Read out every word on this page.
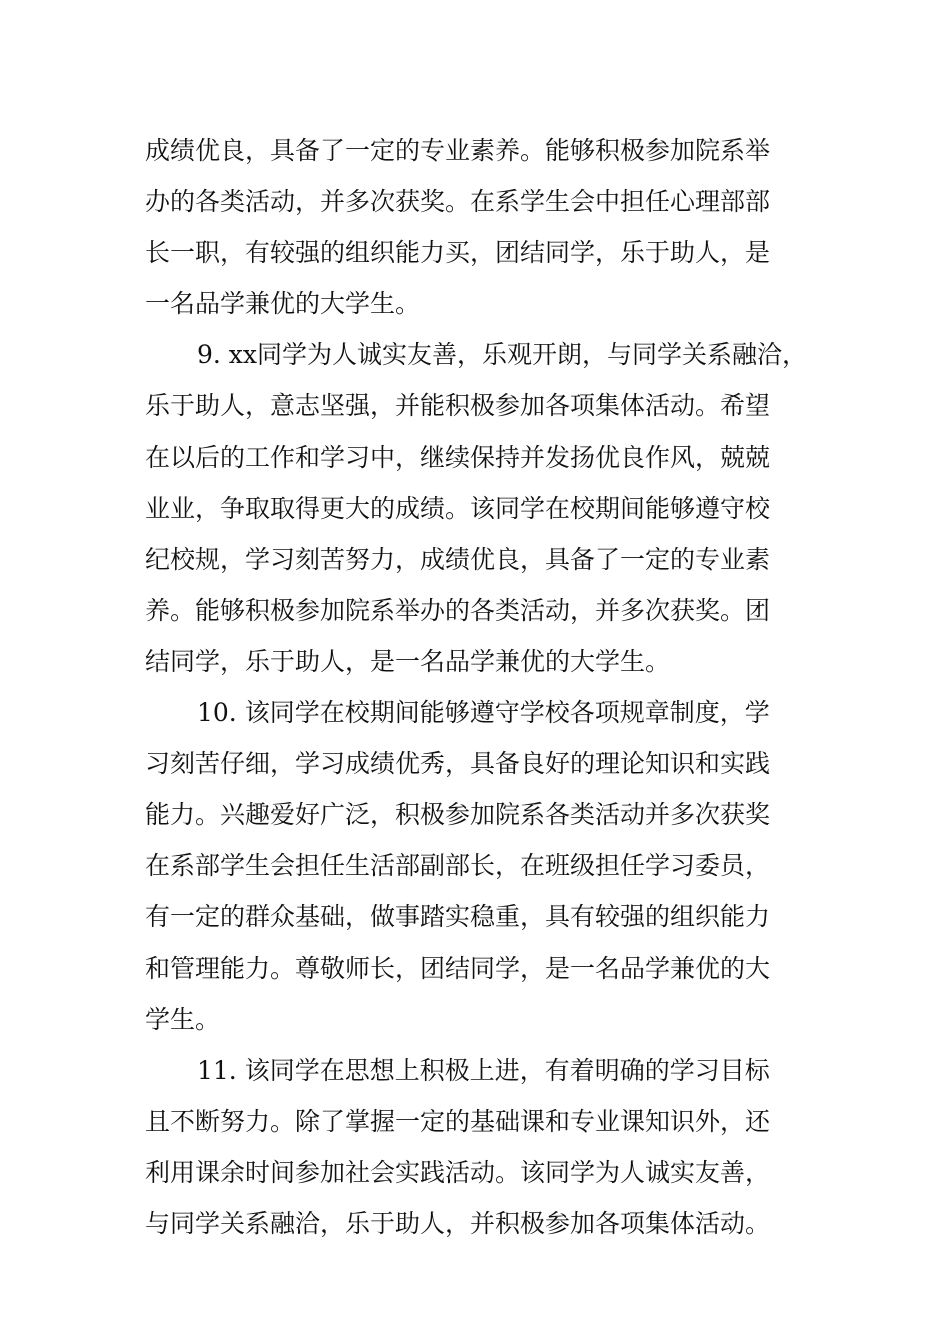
成绩优良，具备了一定的专业素养。能够积极参加院系举
办的各类活动，并多次获奖。在系学生会中担任心理部部
长一职，有较强的组织能力买，团结同学，乐于助人，是
一名品学兼优的大学生。
9. xx同学为人诚实友善，乐观开朗，与同学关系融洽，
乐于助人，意志坚强，并能积极参加各项集体活动。希望
在以后的工作和学习中，继续保持并发扬优良作风，兢兢
业业，争取取得更大的成绩。该同学在校期间能够遵守校
纪校规，学习刻苦努力，成绩优良，具备了一定的专业素
养。能够积极参加院系举办的各类活动，并多次获奖。团
结同学，乐于助人，是一名品学兼优的大学生。
10. 该同学在校期间能够遵守学校各项规章制度，学
习刻苦仔细，学习成绩优秀，具备良好的理论知识和实践
能力。兴趣爱好广泛，积极参加院系各类活动并多次获奖
在系部学生会担任生活部副部长，在班级担任学习委员，
有一定的群众基础，做事踏实稳重，具有较强的组织能力
和管理能力。尊敬师长，团结同学，是一名品学兼优的大
学生。
11. 该同学在思想上积极上进，有着明确的学习目标
且不断努力。除了掌握一定的基础课和专业课知识外，还
利用课余时间参加社会实践活动。该同学为人诚实友善，
与同学关系融洽，乐于助人，并积极参加各项集体活动。
